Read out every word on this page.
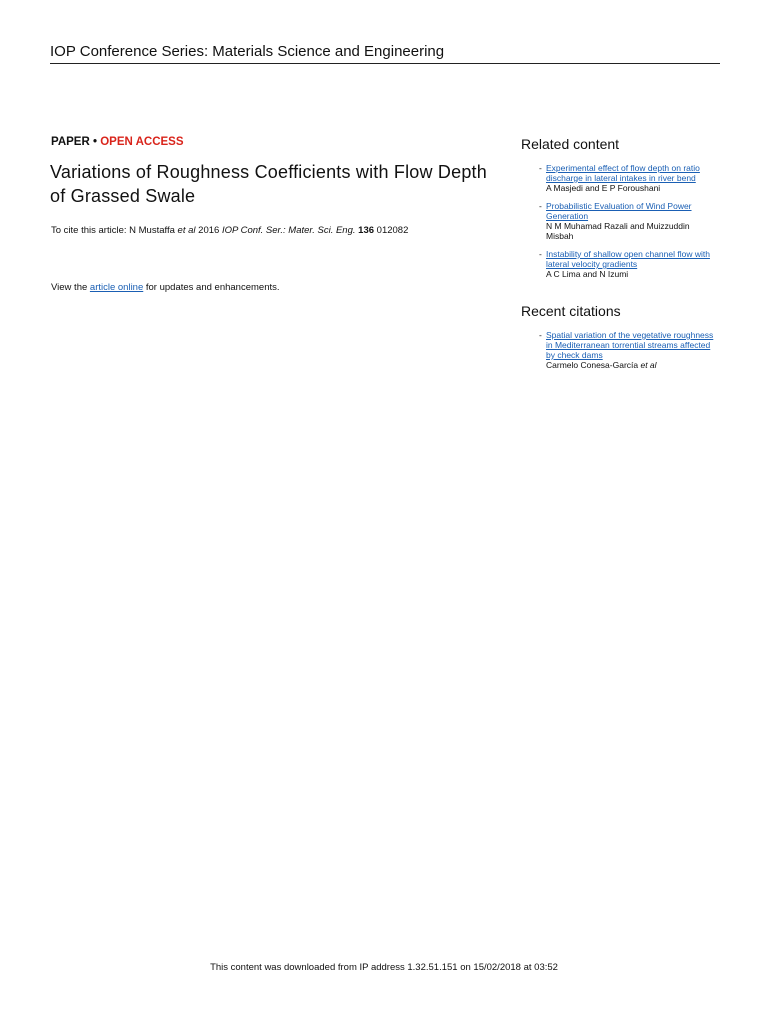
IOP Conference Series: Materials Science and Engineering
PAPER • OPEN ACCESS
Variations of Roughness Coefficients with Flow Depth of Grassed Swale
To cite this article: N Mustaffa et al 2016 IOP Conf. Ser.: Mater. Sci. Eng. 136 012082
View the article online for updates and enhancements.
Related content
- Experimental effect of flow depth on ratio discharge in lateral intakes in river bend
A Masjedi and E P Foroushani
- Probabilistic Evaluation of Wind Power Generation
N M Muhamad Razali and Muizzuddin Misbah
- Instability of shallow open channel flow with lateral velocity gradients
A C Lima and N Izumi
Recent citations
- Spatial variation of the vegetative roughness in Mediterranean torrential streams affected by check dams
Carmelo Conesa-García et al
This content was downloaded from IP address 1.32.51.151 on 15/02/2018 at 03:52
